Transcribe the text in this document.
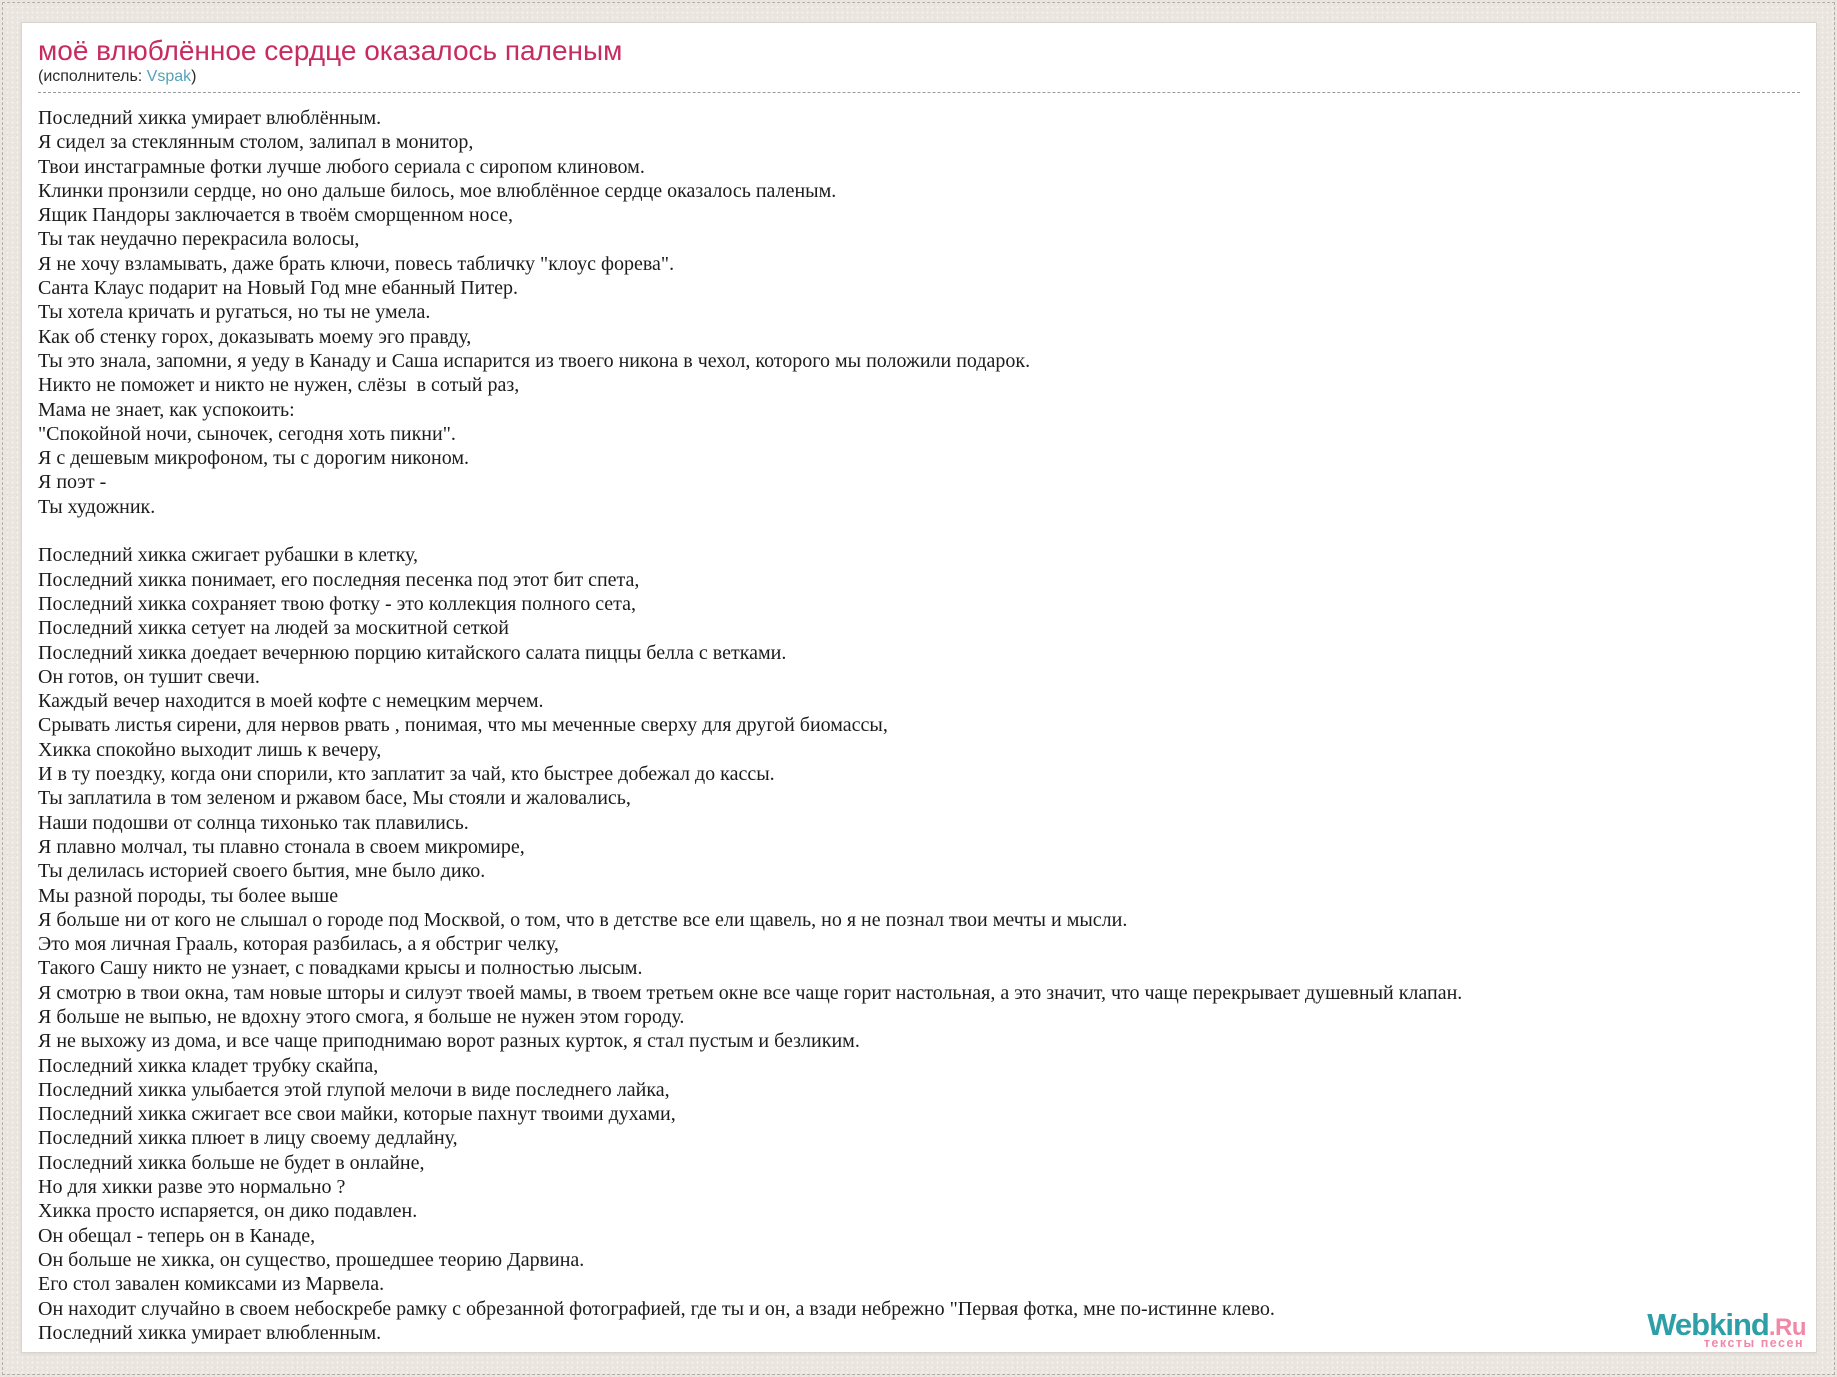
моё влюблённое сердце оказалось паленым
(исполнитель: Vspak)
Последний хикка умирает влюблённым.
Я сидел за стеклянным столом, залипал в монитор,
Твои инстаграмные фотки лучше любого сериала с сиропом клиновом.
Клинки пронзили сердце, но оно дальше билось, мое влюблённое сердце оказалось паленым.
Ящик Пандоры заключается в твоём сморщенном носе,
Ты так неудачно перекрасила волосы,
Я не хочу взламывать, даже брать ключи, повесь табличку "клоус форева".
Санта Клаус подарит на Новый Год мне ебанный Питер.
Ты хотела кричать и ругаться, но ты не умела.
Как об стенку горох, доказывать моему эго правду,
Ты это знала, запомни, я уеду в Канаду и Саша испарится из твоего никона в чехол, которого мы положили подарок.
Никто не поможет и никто не нужен, слёзы  в сотый раз,
Мама не знает, как успокоить:
"Спокойной ночи, сыночек, сегодня хоть пикни".
Я с дешевым микрофоном, ты с дорогим никоном.
Я поэт -
Ты художник.
Последний хикка сжигает рубашки в клетку,
Последний хикка понимает, его последняя песенка под этот бит спета,
Последний хикка сохраняет твою фотку - это коллекция полного сета,
Последний хикка сетует на людей за москитной сеткой
Последний хикка доедает вечернюю порцию китайского салата пиццы белла с ветками.
Он готов, он тушит свечи.
Каждый вечер находится в моей кофте с немецким мерчем.
Срывать листья сирени, для нервов рвать , понимая, что мы меченные сверху для другой биомассы,
Хикка спокойно выходит лишь к вечеру,
И в ту поездку, когда они спорили, кто заплатит за чай, кто быстрее добежал до кассы.
Ты заплатила в том зеленом и ржавом басе, Мы стояли и жаловались,
Наши подошви от солнца тихонько так плавились.
Я плавно молчал, ты плавно стонала в своем микромире,
Ты делилась историей своего бытия, мне было дико.
Мы разной породы, ты более выше
Я больше ни от кого не слышал о городе под Москвой, о том, что в детстве все ели щавель, но я не познал твои мечты и мысли.
Это моя личная Грааль, которая разбилась, а я обстриг челку,
Такого Сашу никто не узнает, с повадками крысы и полностью лысым.
Я смотрю в твои окна, там новые шторы и силуэт твоей мамы, в твоем третьем окне все чаще горит настольная, а это значит, что чаще перекрывает душевный клапан.
Я больше не выпью, не вдохну этого смога, я больше не нужен этом городу.
Я не выхожу из дома, и все чаще приподнимаю ворот разных курток, я стал пустым и безликим.
Последний хикка кладет трубку скайпа,
Последний хикка улыбается этой глупой мелочи в виде последнего лайка,
Последний хикка сжигает все свои майки, которые пахнут твоими духами,
Последний хикка плюет в лицу своему дедлайну,
Последний хикка больше не будет в онлайне,
Но для хикки разве это нормально ?
Хикка просто испаряется, он дико подавлен.
Он обещал - теперь он в Канаде,
Он больше не хикка, он существо, прошедшее теорию Дарвина.
Его стол завален комиксами из Марвела.
Он находит случайно в своем небоскребе рамку с обрезанной фотографией, где ты и он, а взади небрежно "Первая фотка, мне по-истинне клево.
Последний хикка умирает влюбленным.	Webkind.Ru
тексты песен
